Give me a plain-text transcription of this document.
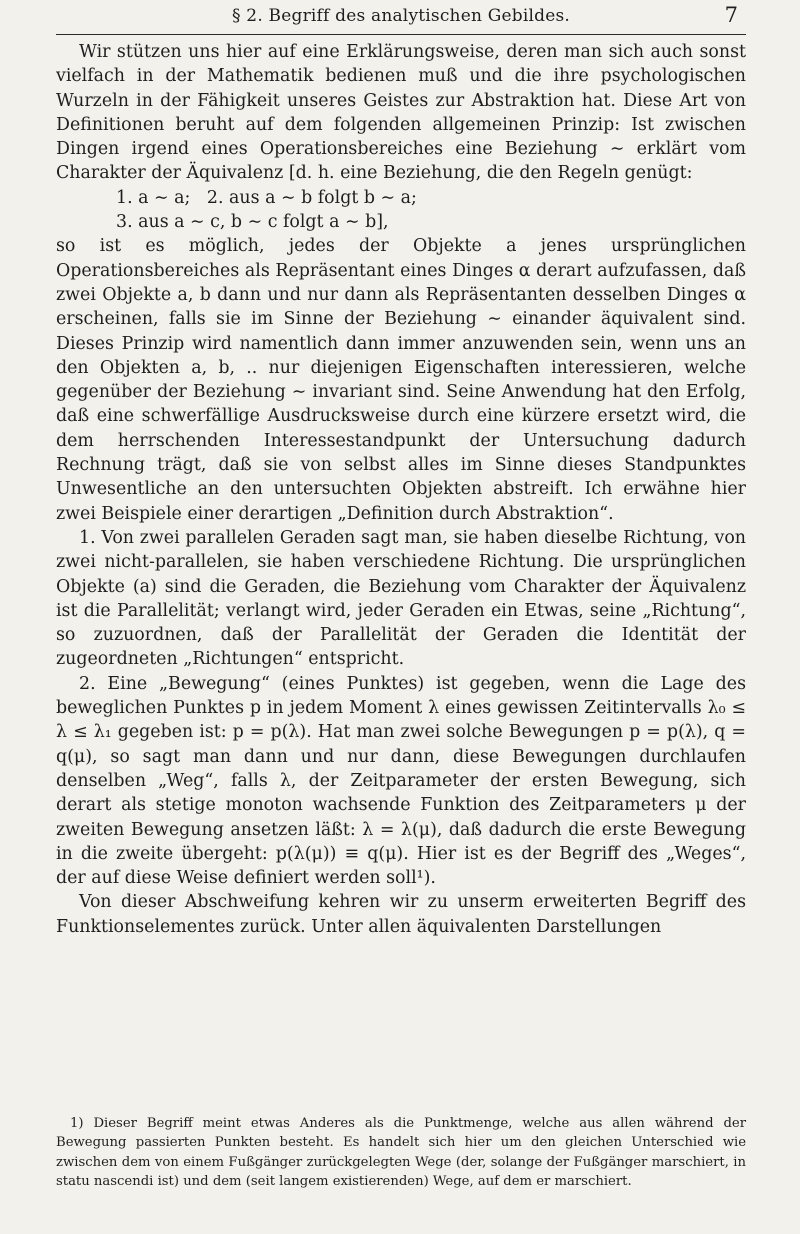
§ 2. Begriff des analytischen Gebildes.	7

Wir stützen uns hier auf eine Erklärungsweise, deren man sich auch sonst vielfach in der Mathematik bedienen muß und die ihre psychologischen Wurzeln in der Fähigkeit unseres Geistes zur Abstraktion hat. Diese Art von Definitionen beruht auf dem folgenden allgemeinen Prinzip: Ist zwischen Dingen irgend eines Operationsbereiches eine Beziehung ∼ erklärt vom Charakter der Äquivalenz [d. h. eine Beziehung, die den Regeln genügt:

1. a ∼ a;   2. aus a ∼ b folgt b ∼ a;

3. aus a ∼ c, b ∼ c folgt a ∼ b],

so ist es möglich, jedes der Objekte a jenes ursprünglichen Operationsbereiches als Repräsentant eines Dinges α derart aufzufassen, daß zwei Objekte a, b dann und nur dann als Repräsentanten desselben Dinges α erscheinen, falls sie im Sinne der Beziehung ∼ einander äquivalent sind. Dieses Prinzip wird namentlich dann immer anzuwenden sein, wenn uns an den Objekten a, b, .. nur diejenigen Eigenschaften interessieren, welche gegenüber der Beziehung ∼ invariant sind. Seine Anwendung hat den Erfolg, daß eine schwerfällige Ausdrucksweise durch eine kürzere ersetzt wird, die dem herrschenden Interessestandpunkt der Untersuchung dadurch Rechnung trägt, daß sie von selbst alles im Sinne dieses Standpunktes Unwesentliche an den untersuchten Objekten abstreift. Ich erwähne hier zwei Beispiele einer derartigen „Definition durch Abstraktion“.

1. Von zwei parallelen Geraden sagt man, sie haben dieselbe Richtung, von zwei nicht-parallelen, sie haben verschiedene Richtung. Die ursprünglichen Objekte (a) sind die Geraden, die Beziehung vom Charakter der Äquivalenz ist die Parallelität; verlangt wird, jeder Geraden ein Etwas, seine „Richtung“, so zuzuordnen, daß der Parallelität der Geraden die Identität der zugeordneten „Richtungen“ entspricht.

2. Eine „Bewegung“ (eines Punktes) ist gegeben, wenn die Lage des beweglichen Punktes p in jedem Moment λ eines gewissen Zeitintervalls λ₀ ≤ λ ≤ λ₁ gegeben ist: p = p(λ). Hat man zwei solche Bewegungen p = p(λ), q = q(μ), so sagt man dann und nur dann, diese Bewegungen durchlaufen denselben „Weg“, falls λ, der Zeitparameter der ersten Bewegung, sich derart als stetige monoton wachsende Funktion des Zeitparameters μ der zweiten Bewegung ansetzen läßt: λ = λ(μ), daß dadurch die erste Bewegung in die zweite übergeht: p(λ(μ)) ≡ q(μ). Hier ist es der Begriff des „Weges“, der auf diese Weise definiert werden soll¹).

Von dieser Abschweifung kehren wir zu unserm erweiterten Begriff des Funktionselementes zurück. Unter allen äquivalenten Darstellungen

1) Dieser Begriff meint etwas Anderes als die Punktmenge, welche aus allen während der Bewegung passierten Punkten besteht. Es handelt sich hier um den gleichen Unterschied wie zwischen dem von einem Fußgänger zurückgelegten Wege (der, solange der Fußgänger marschiert, in statu nascendi ist) und dem (seit langem existierenden) Wege, auf dem er marschiert.
